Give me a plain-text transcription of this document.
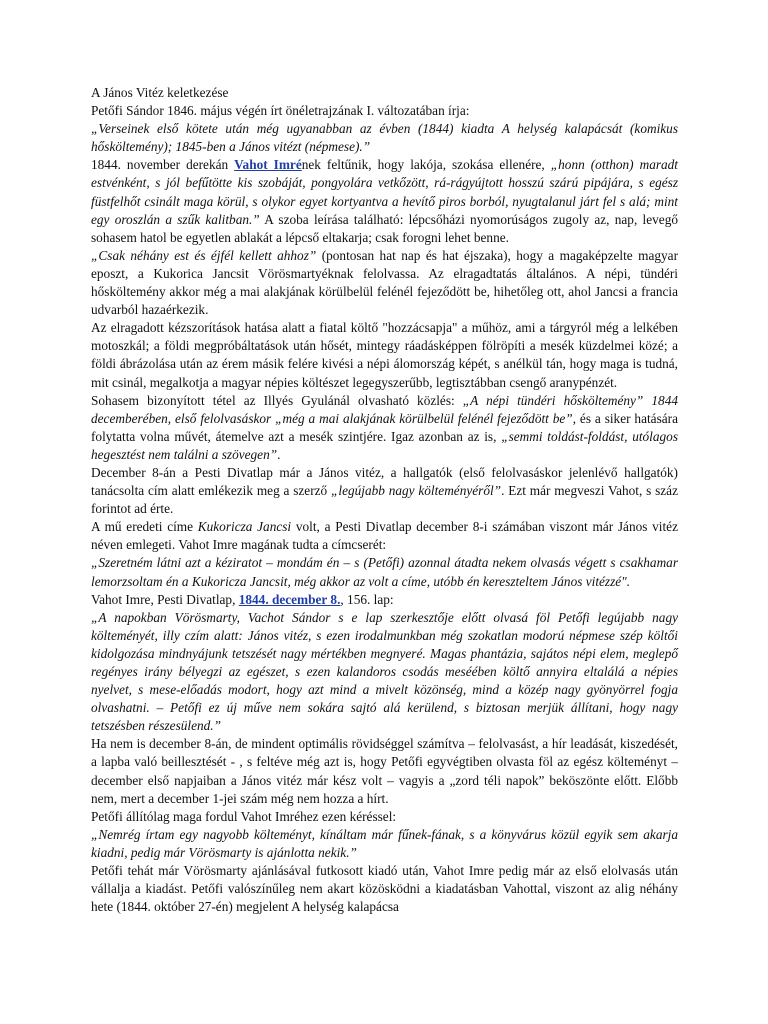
A János Vitéz keletkezése

Petőfi Sándor 1846. május végén írt önéletrajzának I. változatában írja:

„Verseinek első kötete után még ugyanabban az évben (1844) kiadta A helység kalapácsát (komikus hősköltemény); 1845-ben a János vitézt (népmese).”

1844. november derekán Vahot Imrének feltűnik, hogy lakója, szokása ellenére, „honn (otthon) maradt estvénként, s jól befűtötte kis szobáját, pongyolára vetkőzött, rá-rágyújtott hosszú szárú pipájára, s egész füstfelhőt csinált maga körül, s olykor egyet kortyantva a hevítő piros borból, nyugtalanul járt fel s alá; mint egy oroszlán a szűk kalitban.” A szoba leírása található: lépcsőházi nyomorúságos zugoly az, nap, levegő sohasem hatol be egyetlen ablakát a lépcső eltakarja; csak forogni lehet benne.

„Csak néhány est és éjfél kellett ahhoz” (pontosan hat nap és hat éjszaka), hogy a magaképzelte magyar eposzt, a Kukorica Jancsit Vörösmartyéknak felolvassa. Az elragadtatás általános. A népi, tündéri hősköltemény akkor még a mai alakjának körülbelül felénél fejeződött be, hihetőleg ott, ahol Jancsi a francia udvarból hazaérkezik.

Az elragadott kézszorítások hatása alatt a fiatal költő "hozzácsapja" a műhöz, ami a tárgyról még a lelkében motoszkál; a földi megpróbáltatások után hősét, mintegy ráadásképpen fölröpíti a mesék küzdelmei közé; a földi ábrázolása után az érem másik felére kivési a népi álomország képét, s anélkül tán, hogy maga is tudná, mit csinál, megalkotja a magyar népies költészet legegyszerűbb, legtisztábban csengő aranypénzét.

Sohasem bizonyított tétel az Illyés Gyulánál olvasható közlés: „A népi tündéri hősköltemény” 1844 decemberében, első felolvasáskor „még a mai alakjának körülbelül felénél fejeződött be”, és a siker hatására folytatta volna művét, átemelve azt a mesék szintjére. Igaz azonban az is, „semmi toldást-foldást, utólagos hegesztést nem találni a szövegen”.

December 8-án a Pesti Divatlap már a János vitéz, a hallgatók (első felolvasáskor jelenlévő hallgatók) tanácsolta cím alatt emlékezik meg a szerző „legújabb nagy költeményéről”. Ezt már megveszi Vahot, s száz forintot ad érte.

A mű eredeti címe Kukoricza Jancsi volt, a Pesti Divatlap december 8-i számában viszont már János vitéz néven emlegeti. Vahot Imre magának tudta a címcserét:

„Szeretném látni azt a kéziratot – mondám én – s (Petőfi) azonnal átadta nekem olvasás végett s csakhamar lemorzsoltam én a Kukoricza Jancsit, még akkor az volt a címe, utóbb én kereszteltem János vitézzé".

Vahot Imre, Pesti Divatlap, 1844. december 8., 156. lap:

„A napokban Vörösmarty, Vachot Sándor s e lap szerkesztője előtt olvasá föl Petőfi legújabb nagy költeményét, illy czím alatt: János vitéz, s ezen irodalmunkban még szokatlan modorú népmese szép költői kidolgozása mindnyájunk tetszését nagy mértékben megnyeré. Magas phantázia, sajátos népi elem, meglepő regényes irány bélyegzi az egészet, s ezen kalandoros csodás meséében költő annyira eltalálá a népies nyelvet, s mese-előadás modort, hogy azt mind a mivelt közönség, mind a közép nagy gyönyörrel fogja olvashatni. – Petőfi ez új műve nem sokára sajtó alá kerülend, s biztosan merjük állítani, hogy nagy tetszésben részesülend.”

Ha nem is december 8-án, de mindent optimális rövidséggel számítva – felolvasást, a hír leadását, kiszedését, a lapba való beillesztését - , s feltéve még azt is, hogy Petőfi egyvégtiben olvasta föl az egész költeményt – december első napjaiban a János vitéz már kész volt – vagyis a „zord téli napok” beköszönte előtt. Előbb nem, mert a december 1-jei szám még nem hozza a hírt.

Petőfi állítólag maga fordul Vahot Imréhez ezen kéréssel:

„Nemrég írtam egy nagyobb költeményt, kínáltam már fűnek-fának, s a könyvárus közül egyik sem akarja kiadni, pedig már Vörösmarty is ajánlotta nekik.”

Petőfi tehát már Vörösmarty ajánlásával futkosott kiadó után, Vahot Imre pedig már az első elolvasás után vállalja a kiadást. Petőfi valószínűleg nem akart közösködni a kiadatásban Vahottal, viszont az alig néhány hete (1844. október 27-én) megjelent A helység kalapácsa
